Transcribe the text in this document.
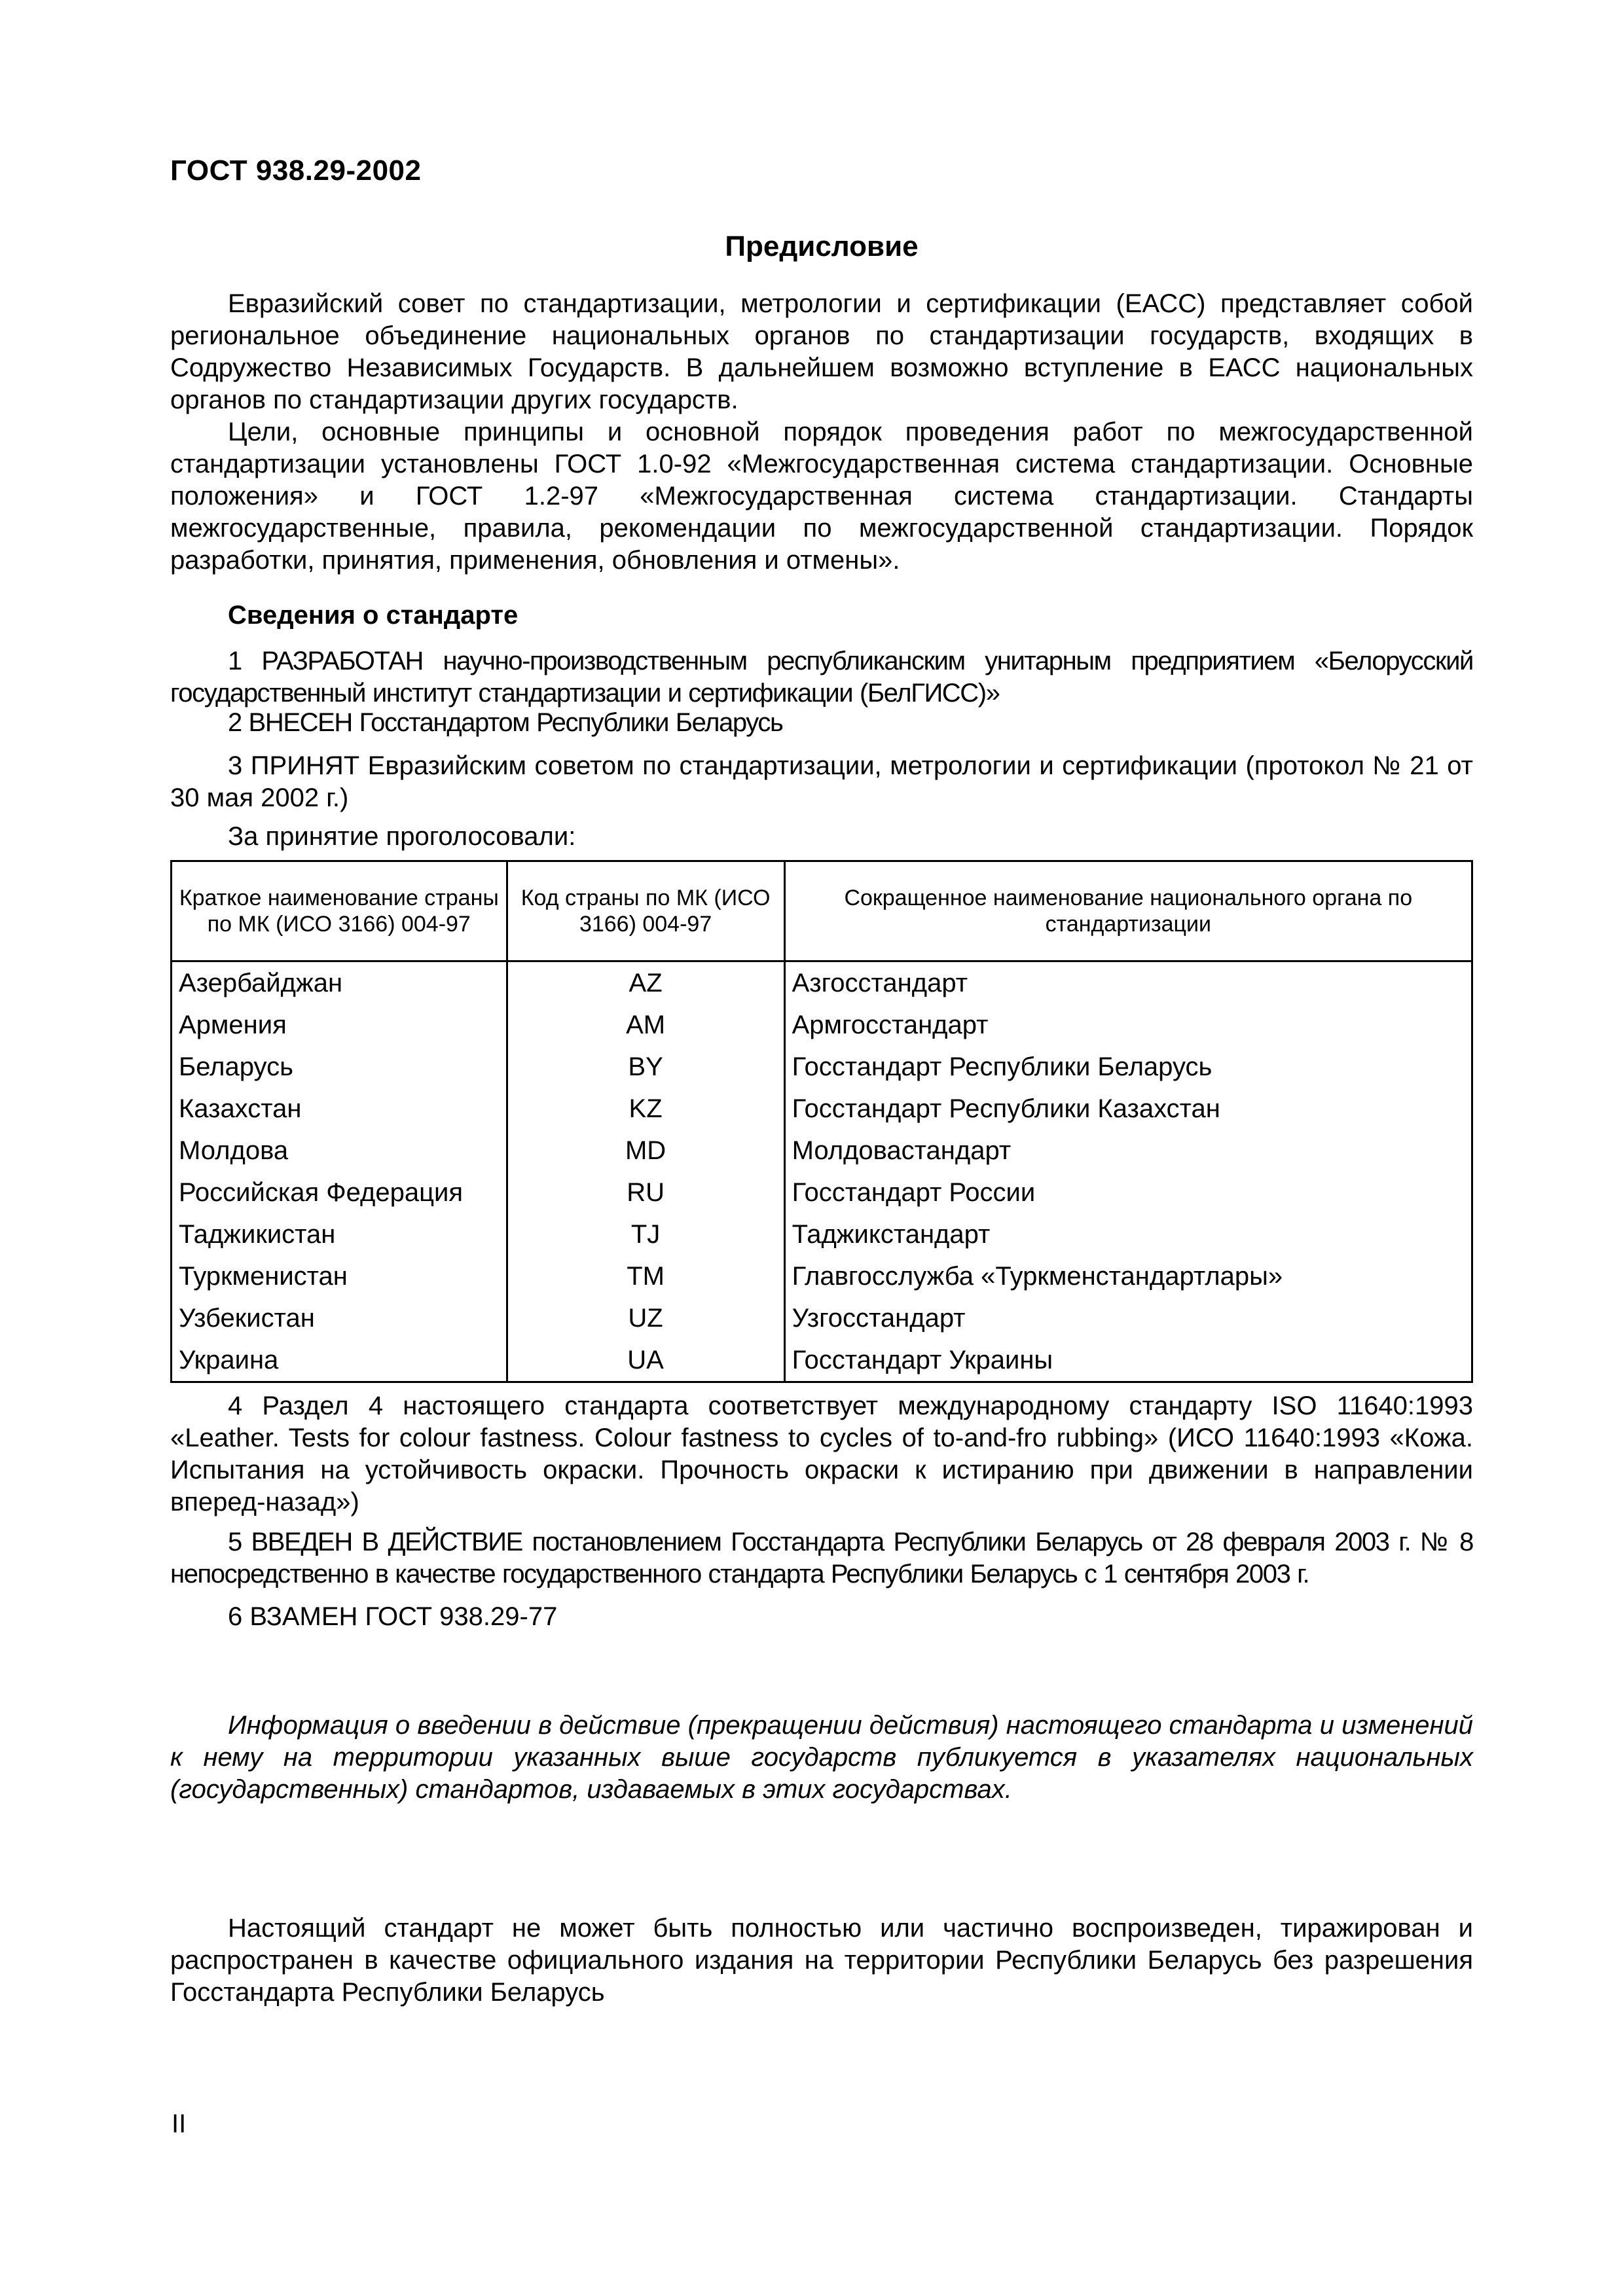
ГОСТ 938.29-2002
Предисловие

Евразийский совет по стандартизации, метрологии и сертификации (ЕАСС) представляет собой региональное объединение национальных органов по стандартизации государств, входящих в Содружество Независимых Государств. В дальнейшем возможно вступление в ЕАСС национальных органов по стандартизации других государств.

Цели, основные принципы и основной порядок проведения работ по межгосударственной стандартизации установлены ГОСТ 1.0-92 «Межгосударственная система стандартизации. Основные положения» и ГОСТ 1.2-97 «Межгосударственная система стандартизации. Стандарты межгосударственные, правила, рекомендации по межгосударственной стандартизации. Порядок разработки, принятия, применения, обновления и отмены».

Сведения о стандарте

1 РАЗРАБОТАН научно-производственным республиканским унитарным предприятием «Белорусский государственный институт стандартизации и сертификации (БелГИСС)»

2 ВНЕСЕН Госстандартом Республики Беларусь

3 ПРИНЯТ Евразийским советом по стандартизации, метрологии и сертификации (протокол № 21 от 30 мая 2002 г.)

За принятие проголосовали:

Краткое наименование страны по МК (ИСО 3166) 004-97	Код страны по МК (ИСО 3166) 004-97	Сокращенное наименование национального органа по стандартизации
Азербайджан	AZ	Азгосстандарт
Армения	AM	Армгосстандарт
Беларусь	BY	Госстандарт Республики Беларусь
Казахстан	KZ	Госстандарт Республики Казахстан
Молдова	MD	Молдовастандарт
Российская Федерация	RU	Госстандарт России
Таджикистан	TJ	Таджикстандарт
Туркменистан	TM	Главгосслужба «Туркменстандартлары»
Узбекистан	UZ	Узгосстандарт
Украина	UA	Госстандарт Украины

4 Раздел 4 настоящего стандарта соответствует международному стандарту ISO 11640:1993 «Leather. Tests for colour fastness. Colour fastness to cycles of to-and-fro rubbing» (ИСО 11640:1993 «Кожа. Испытания на устойчивость окраски. Прочность окраски к истиранию при движении в направлении вперед-назад»)

5 ВВЕДЕН В ДЕЙСТВИЕ постановлением Госстандарта Республики Беларусь от 28 февраля 2003 г. № 8 непосредственно в качестве государственного стандарта Республики Беларусь с 1 сентября 2003 г.

6 ВЗАМЕН ГОСТ 938.29-77

Информация о введении в действие (прекращении действия) настоящего стандарта и изменений к нему на территории указанных выше государств публикуется в указателях национальных (государственных) стандартов, издаваемых в этих государствах.

Настоящий стандарт не может быть полностью или частично воспроизведен, тиражирован и распространен в качестве официального издания на территории Республики Беларусь без разрешения Госстандарта Республики Беларусь

II
